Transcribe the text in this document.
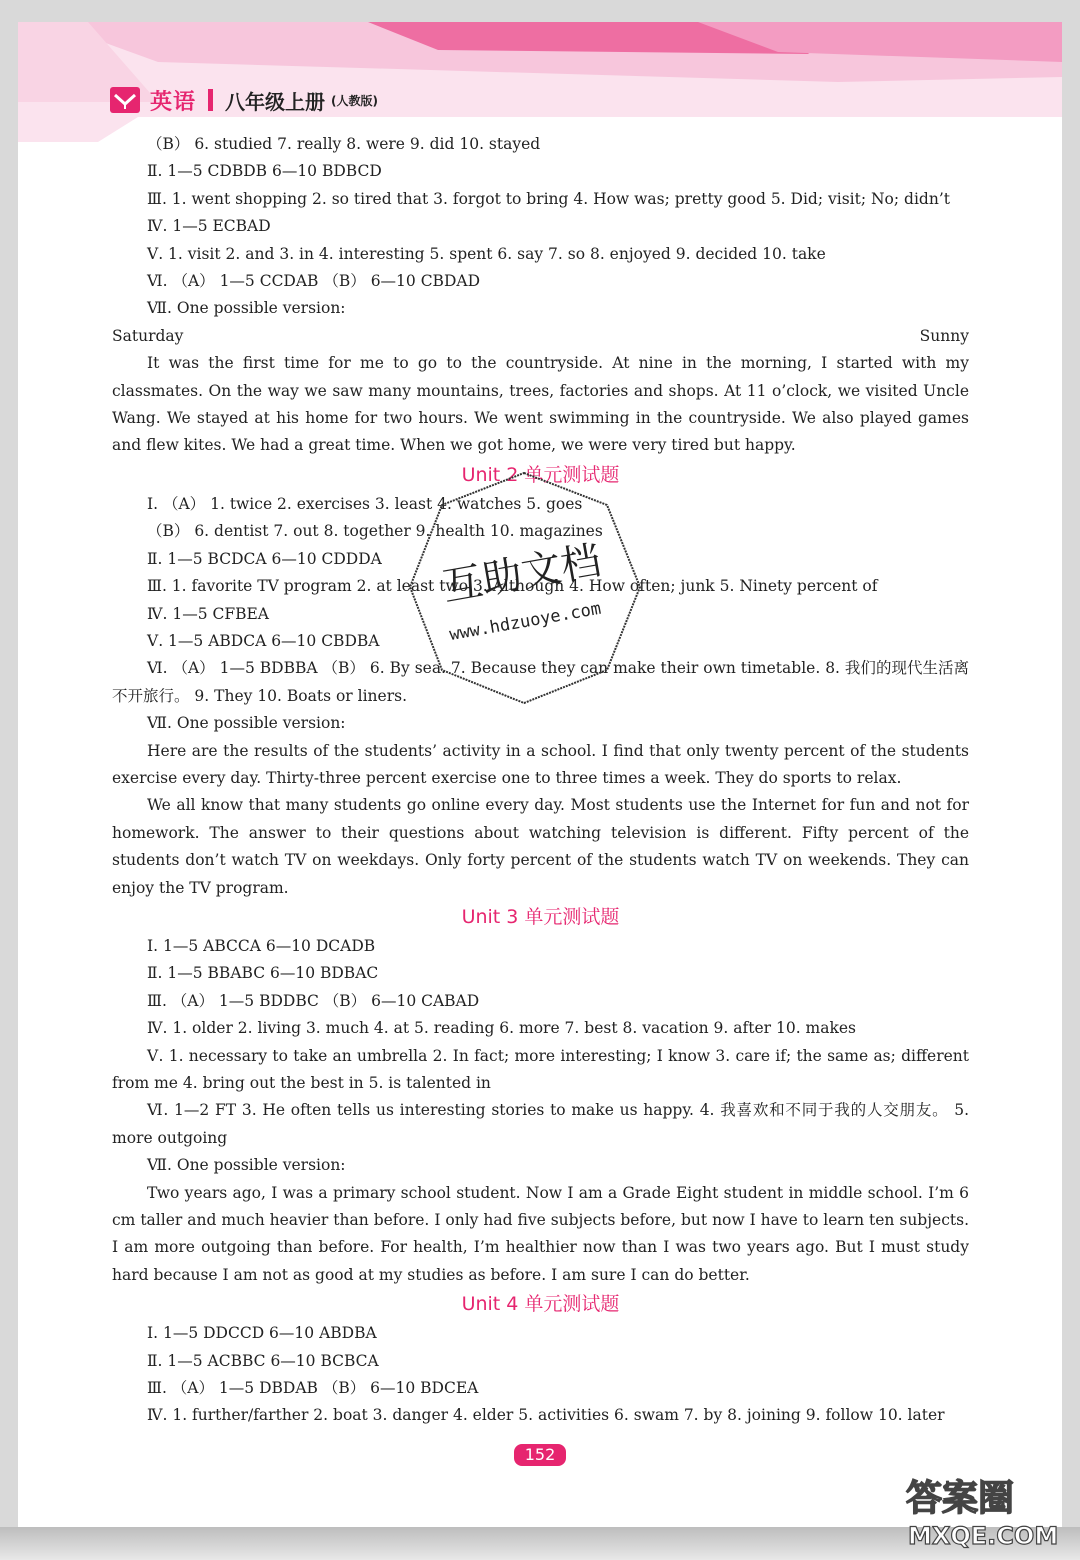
英语 八年级上册 (人教版)
（B） 6. studied 7. really 8. were 9. did 10. stayed
Ⅱ. 1—5 CDBDB 6—10 BDBCD
Ⅲ. 1. went shopping 2. so tired that 3. forgot to bring 4. How was; pretty good 5. Did; visit; No; didn’t
Ⅳ. 1—5 ECBAD
Ⅴ. 1. visit 2. and 3. in 4. interesting 5. spent 6. say 7. so 8. enjoyed 9. decided 10. take
Ⅵ. （A） 1—5 CCDAB （B） 6—10 CBDAD
Ⅶ. One possible version:
Saturday	Sunny
It was the first time for me to go to the countryside. At nine in the morning, I started with my classmates. On the way we saw many mountains, trees, factories and shops. At 11 o’clock, we visited Uncle Wang. We stayed at his home for two hours. We went swimming in the countryside. We also played games and flew kites. We had a great time. When we got home, we were very tired but happy.
Unit 2 单元测试题
Ⅰ. （A） 1. twice 2. exercises 3. least 4. watches 5. goes
（B） 6. dentist 7. out 8. together 9. health 10. magazines
Ⅱ. 1—5 BCDCA 6—10 CDDDA
Ⅲ. 1. favorite TV program 2. at least two 3. Although 4. How often; junk 5. Ninety percent of
Ⅳ. 1—5 CFBEA
Ⅴ. 1—5 ABDCA 6—10 CBDBA
Ⅵ. （A） 1—5 BDBBA （B） 6. By sea. 7. Because they can make their own timetable. 8. 我们的现代生活离不开旅行。 9. They 10. Boats or liners.
Ⅶ. One possible version:
Here are the results of the students’ activity in a school. I find that only twenty percent of the students exercise every day. Thirty-three percent exercise one to three times a week. They do sports to relax.
We all know that many students go online every day. Most students use the Internet for fun and not for homework. The answer to their questions about watching television is different. Fifty percent of the students don’t watch TV on weekdays. Only forty percent of the students watch TV on weekends. They can enjoy the TV program.
Unit 3 单元测试题
Ⅰ. 1—5 ABCCA 6—10 DCADB
Ⅱ. 1—5 BBABC 6—10 BDBAC
Ⅲ. （A） 1—5 BDDBC （B） 6—10 CABAD
Ⅳ. 1. older 2. living 3. much 4. at 5. reading 6. more 7. best 8. vacation 9. after 10. makes
Ⅴ. 1. necessary to take an umbrella 2. In fact; more interesting; I know 3. care if; the same as; different from me 4. bring out the best in 5. is talented in
Ⅵ. 1—2 FT 3. He often tells us interesting stories to make us happy. 4. 我喜欢和不同于我的人交朋友。 5. more outgoing
Ⅶ. One possible version:
Two years ago, I was a primary school student. Now I am a Grade Eight student in middle school. I’m 6 cm taller and much heavier than before. I only had five subjects before, but now I have to learn ten subjects. I am more outgoing than before. For health, I’m healthier now than I was two years ago. But I must study hard because I am not as good at my studies as before. I am sure I can do better.
Unit 4 单元测试题
Ⅰ. 1—5 DDCCD 6—10 ABDBA
Ⅱ. 1—5 ACBBC 6—10 BCBCA
Ⅲ. （A） 1—5 DBDAB （B） 6—10 BDCEA
Ⅳ. 1. further/farther 2. boat 3. danger 4. elder 5. activities 6. swam 7. by 8. joining 9. follow 10. later
152
互助文档
www.hdzuoye.com
答案圈
MXQE.COM
